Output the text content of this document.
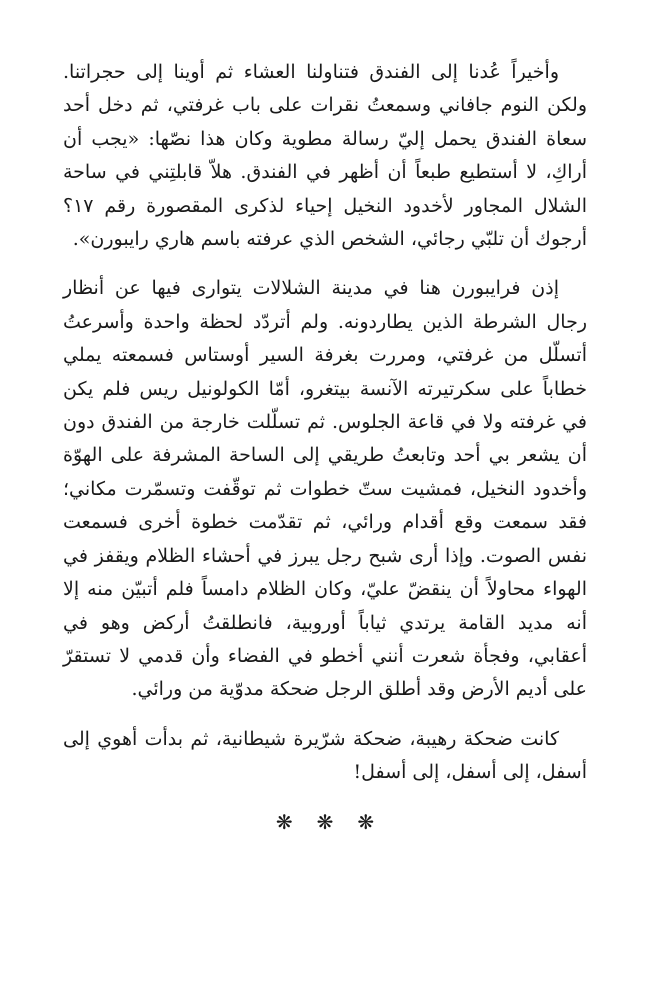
وأخيراً عُدنا إلى الفندق فتناولنا العشاء ثم أوينا إلى حجراتنا. ولكن النوم جافاني وسمعتُ نقرات على باب غرفتي، ثم دخل أحد سعاة الفندق يحمل إليّ رسالة مطوية وكان هذا نصّها: «يجب أن أراكِ، لا أستطيع طبعاً أن أظهر في الفندق. هلاّ قابلتِني في ساحة الشلال المجاور لأخدود النخيل إحياء لذكرى المقصورة رقم ١٧؟ أرجوك أن تلبّي رجائي، الشخص الذي عرفته باسم هاري رايبورن».

إذن فرايبورن هنا في مدينة الشلالات يتوارى فيها عن أنظار رجال الشرطة الذين يطاردونه. ولم أتردّد لحظة واحدة وأسرعتُ أتسلّل من غرفتي، ومررت بغرفة السير أوستاس فسمعته يملي خطاباً على سكرتيرته الآنسة بيتغرو، أمّا الكولونيل ريس فلم يكن في غرفته ولا في قاعة الجلوس. ثم تسلّلت خارجة من الفندق دون أن يشعر بي أحد وتابعتُ طريقي إلى الساحة المشرفة على الهوّة وأخدود النخيل، فمشيت ستّ خطوات ثم توقّفت وتسمّرت مكاني؛ فقد سمعت وقع أقدام ورائي، ثم تقدّمت خطوة أخرى فسمعت نفس الصوت. وإذا أرى شبح رجل يبرز في أحشاء الظلام ويقفز في الهواء محاولاً أن ينقضّ عليّ، وكان الظلام دامساً فلم أتبيّن منه إلا أنه مديد القامة يرتدي ثياباً أوروبية، فانطلقتُ أركض وهو في أعقابي، وفجأة شعرت أنني أخطو في الفضاء وأن قدمي لا تستقرّ على أديم الأرض وقد أطلق الرجل ضحكة مدوّية من ورائي.

كانت ضحكة رهيبة، ضحكة شرّيرة شيطانية، ثم بدأت أهوي إلى أسفل، إلى أسفل، إلى أسفل!

❋
❋
❋
